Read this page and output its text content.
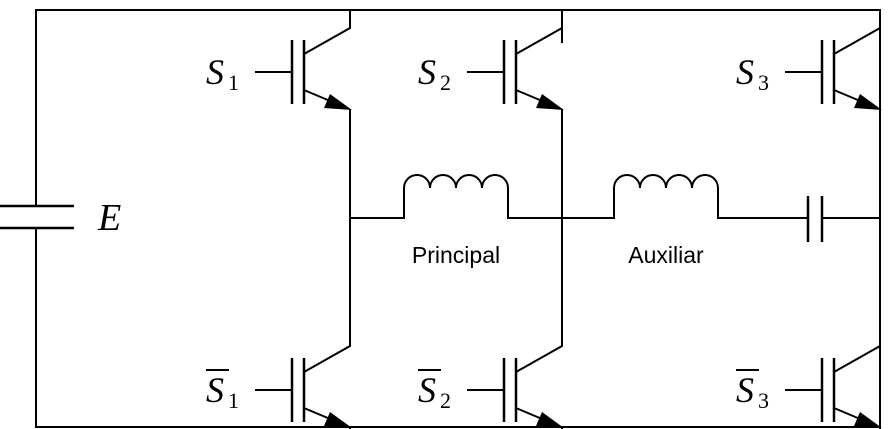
E
Principal	Auxiliar
S 1	S 2	S 3
S 1	S 2	S 3
